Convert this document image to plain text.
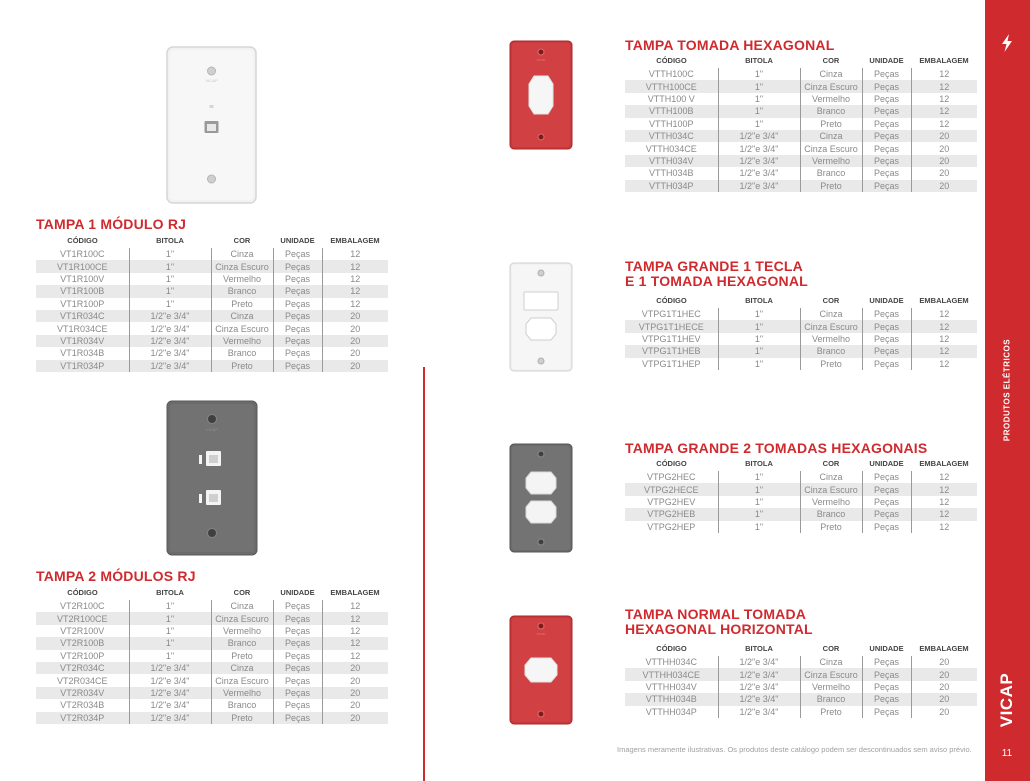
PRODUTOS ELÉTRICOS
VICAP
11
VICAP
TAMPA 1 MÓDULO RJ
CÓDIGO	BITOLA	COR	UNIDADE	EMBALAGEM
VT1R100C	1"	Cinza	Peças	12
VT1R100CE	1"	Cinza Escuro	Peças	12
VT1R100V	1"	Vermelho	Peças	12
VT1R100B	1"	Branco	Peças	12
VT1R100P	1"	Preto	Peças	12
VT1R034C	1/2"e 3/4"	Cinza	Peças	20
VT1R034CE	1/2"e 3/4"	Cinza Escuro	Peças	20
VT1R034V	1/2"e 3/4"	Vermelho	Peças	20
VT1R034B	1/2"e 3/4"	Branco	Peças	20
VT1R034P	1/2"e 3/4"	Preto	Peças	20
VICAP
TAMPA 2 MÓDULOS RJ
CÓDIGO	BITOLA	COR	UNIDADE	EMBALAGEM
VT2R100C	1"	Cinza	Peças	12
VT2R100CE	1"	Cinza Escuro	Peças	12
VT2R100V	1"	Vermelho	Peças	12
VT2R100B	1"	Branco	Peças	12
VT2R100P	1"	Preto	Peças	12
VT2R034C	1/2"e 3/4"	Cinza	Peças	20
VT2R034CE	1/2"e 3/4"	Cinza Escuro	Peças	20
VT2R034V	1/2"e 3/4"	Vermelho	Peças	20
VT2R034B	1/2"e 3/4"	Branco	Peças	20
VT2R034P	1/2"e 3/4"	Preto	Peças	20
VICAP
TAMPA TOMADA HEXAGONAL
CÓDIGO	BITOLA	COR	UNIDADE	EMBALAGEM
VTTH100C	1"	Cinza	Peças	12
VTTH100CE	1"	Cinza Escuro	Peças	12
VTTH100 V	1"	Vermelho	Peças	12
VTTH100B	1"	Branco	Peças	12
VTTH100P	1"	Preto	Peças	12
VTTH034C	1/2"e 3/4"	Cinza	Peças	20
VTTH034CE	1/2"e 3/4"	Cinza Escuro	Peças	20
VTTH034V	1/2"e 3/4"	Vermelho	Peças	20
VTTH034B	1/2"e 3/4"	Branco	Peças	20
VTTH034P	1/2"e 3/4"	Preto	Peças	20
TAMPA GRANDE 1 TECLA
E 1 TOMADA HEXAGONAL
CÓDIGO	BITOLA	COR	UNIDADE	EMBALAGEM
VTPG1T1HEC	1"	Cinza	Peças	12
VTPG1T1HECE	1"	Cinza Escuro	Peças	12
VTPG1T1HEV	1"	Vermelho	Peças	12
VTPG1T1HEB	1"	Branco	Peças	12
VTPG1T1HEP	1"	Preto	Peças	12
TAMPA GRANDE 2 TOMADAS HEXAGONAIS
CÓDIGO	BITOLA	COR	UNIDADE	EMBALAGEM
VTPG2HEC	1"	Cinza	Peças	12
VTPG2HECE	1"	Cinza Escuro	Peças	12
VTPG2HEV	1"	Vermelho	Peças	12
VTPG2HEB	1"	Branco	Peças	12
VTPG2HEP	1"	Preto	Peças	12
VICAP
TAMPA NORMAL TOMADA
HEXAGONAL HORIZONTAL
CÓDIGO	BITOLA	COR	UNIDADE	EMBALAGEM
VTTHH034C	1/2"e 3/4"	Cinza	Peças	20
VTTHH034CE	1/2"e 3/4"	Cinza Escuro	Peças	20
VTTHH034V	1/2"e 3/4"	Vermelho	Peças	20
VTTHH034B	1/2"e 3/4"	Branco	Peças	20
VTTHH034P	1/2"e 3/4"	Preto	Peças	20
Imagens meramente ilustrativas. Os produtos deste catálogo podem ser descontinuados sem aviso prévio.
